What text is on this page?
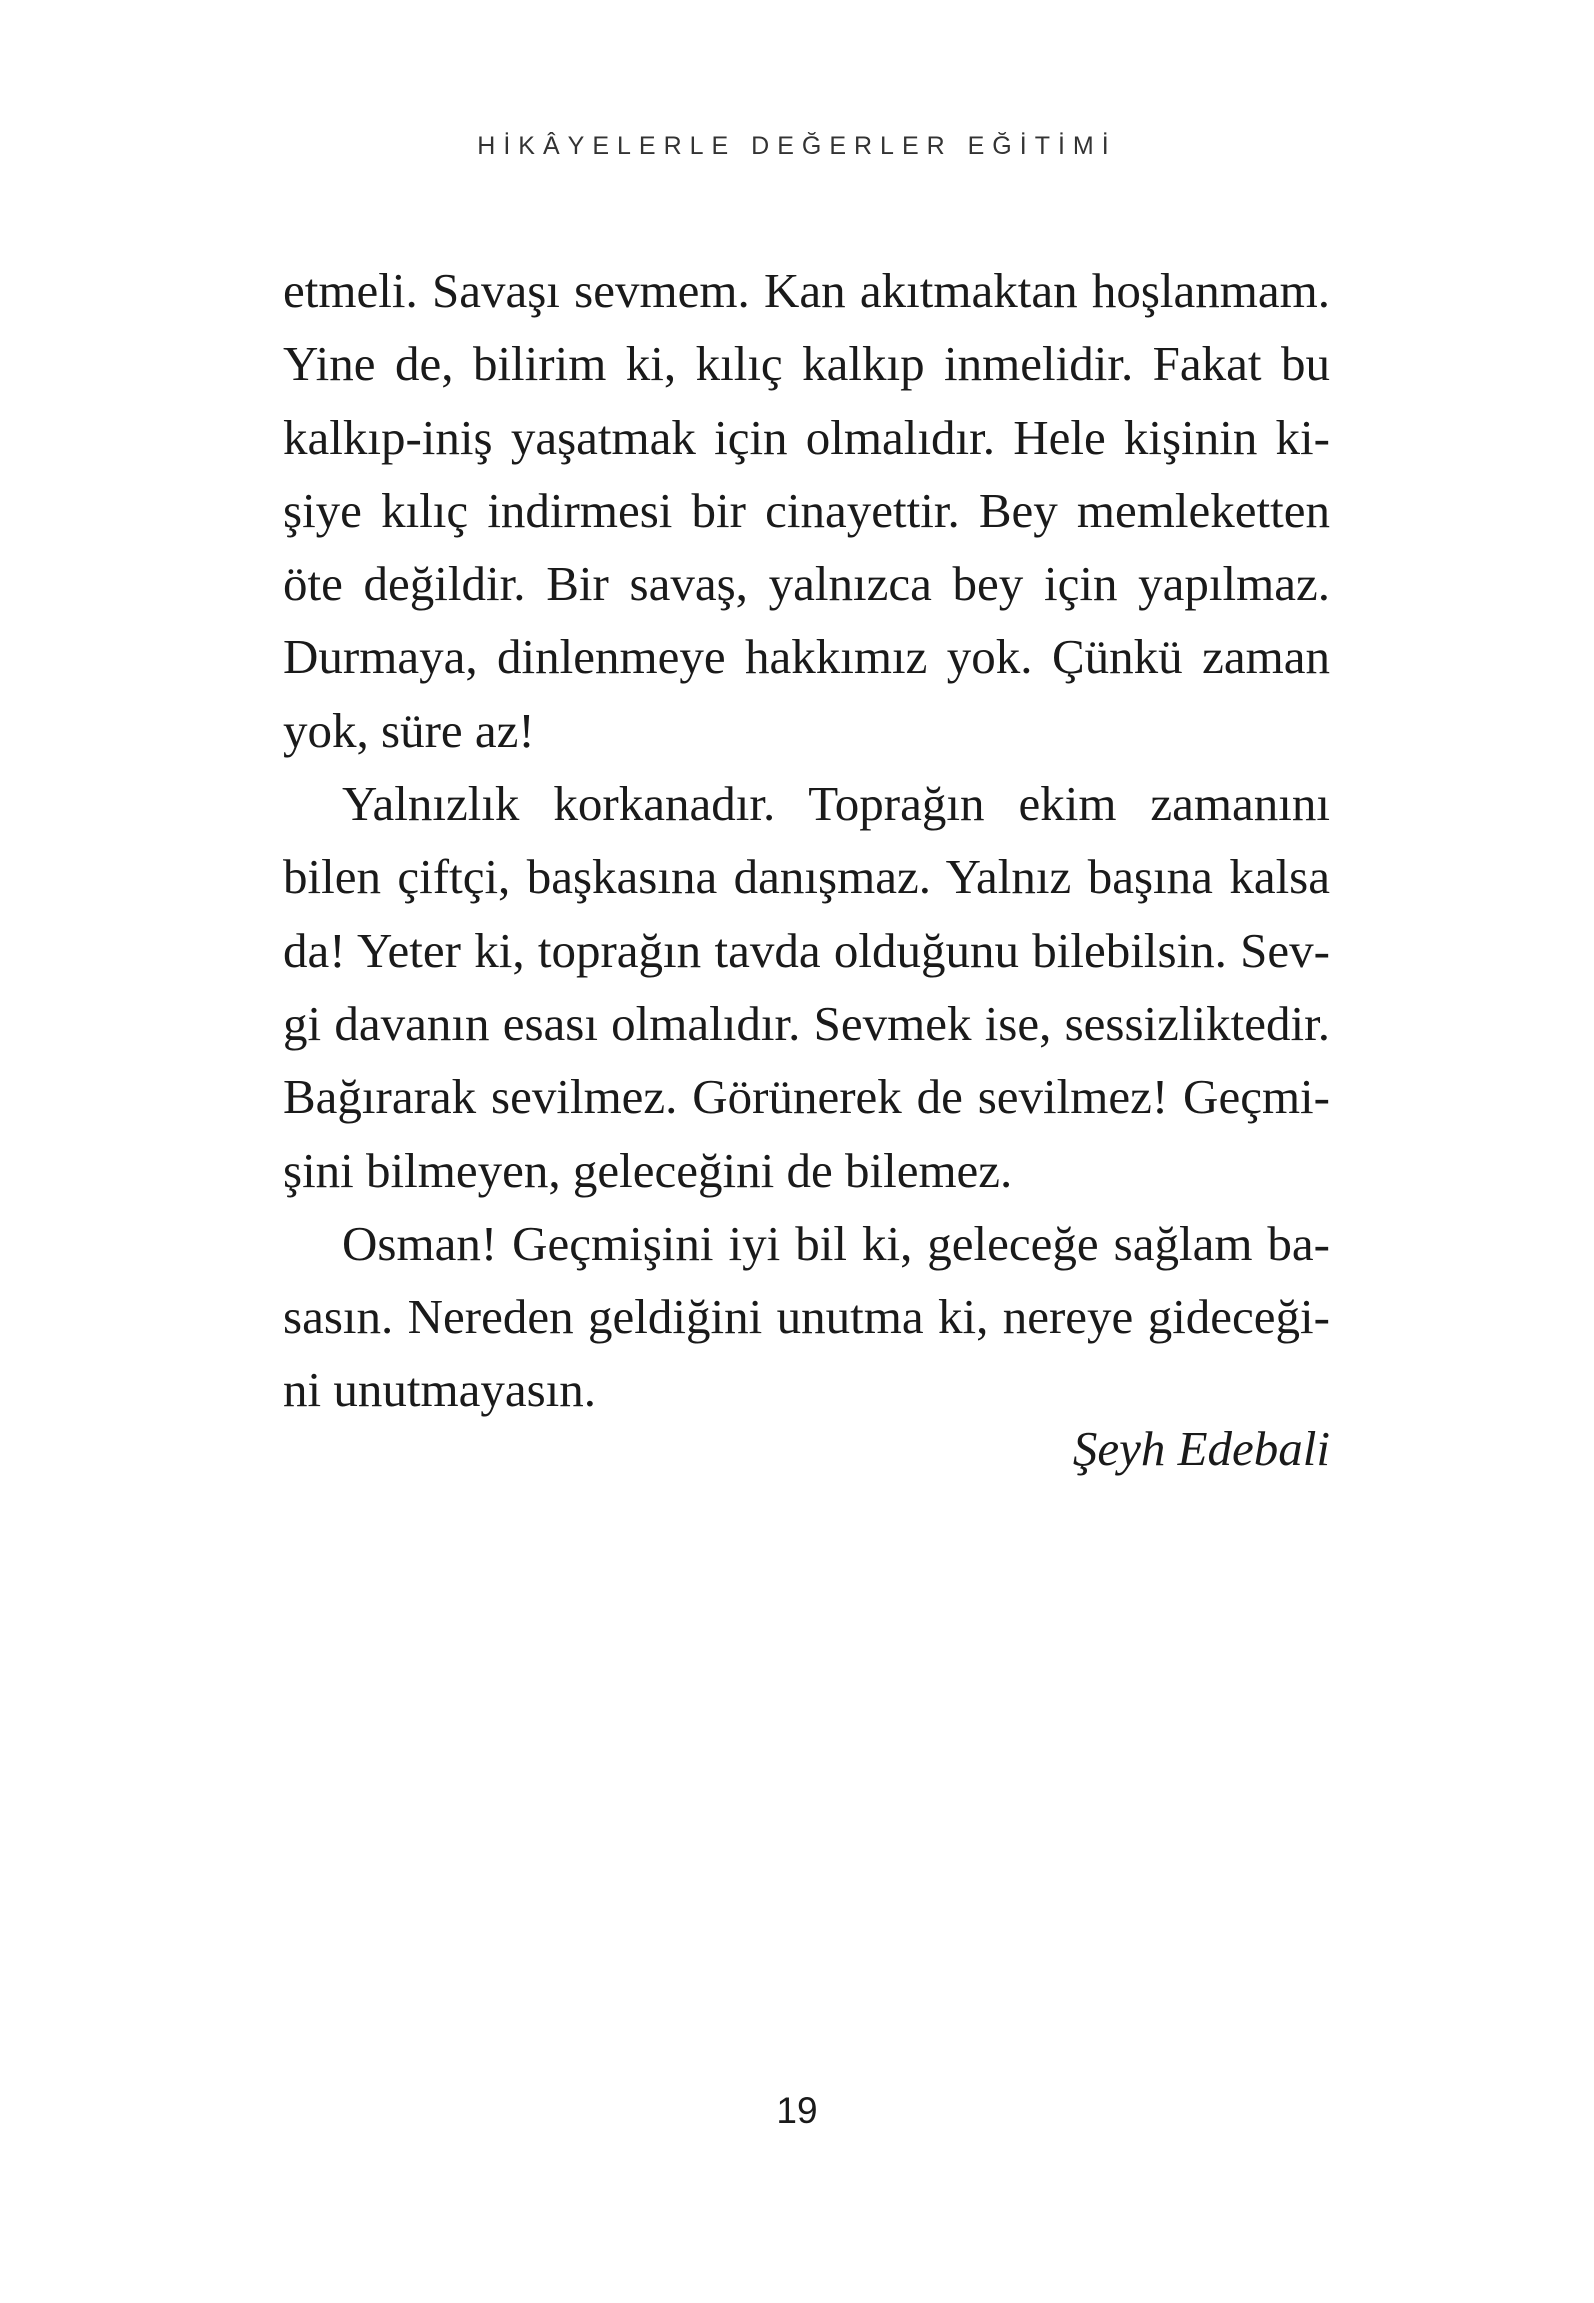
HİKÂYELERLE DEĞERLER EĞİTİMİ
etmeli. Savaşı sevmem. Kan akıtmaktan hoşlanmam.
Yine de, bilirim ki, kılıç kalkıp inmelidir. Fakat bu
kalkıp-iniş yaşatmak için olmalıdır. Hele kişinin ki-
şiye kılıç indirmesi bir cinayettir. Bey memleketten
öte değildir. Bir savaş, yalnızca bey için yapılmaz.
Durmaya, dinlenmeye hakkımız yok. Çünkü zaman
yok, süre az!
Yalnızlık korkanadır. Toprağın ekim zamanını
bilen çiftçi, başkasına danışmaz. Yalnız başına kalsa
da! Yeter ki, toprağın tavda olduğunu bilebilsin. Sev-
gi davanın esası olmalıdır. Sevmek ise, sessizliktedir.
Bağırarak sevilmez. Görünerek de sevilmez! Geçmi-
şini bilmeyen, geleceğini de bilemez.
Osman! Geçmişini iyi bil ki, geleceğe sağlam ba-
sasın. Nereden geldiğini unutma ki, nereye gideceği-
ni unutmayasın.
Şeyh Edebali
19
